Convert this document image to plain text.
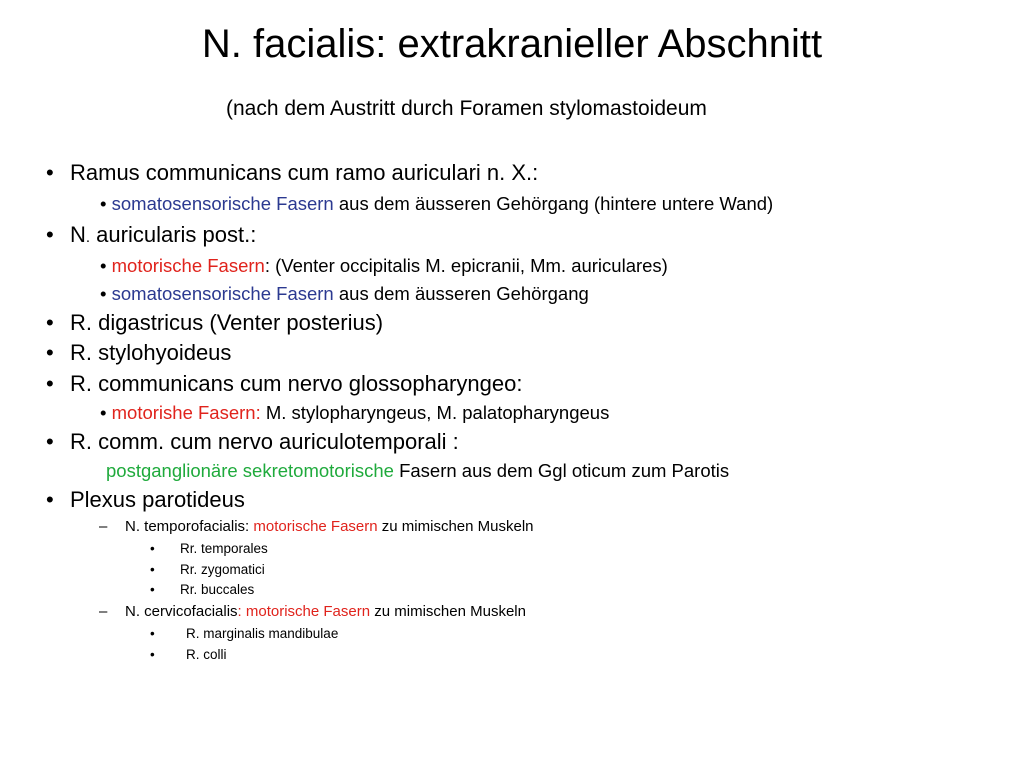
N. facialis: extrakranieller Abschnitt
(nach dem Austritt durch Foramen stylomastoideum
• Ramus communicans cum ramo auriculari n. X.:
• somatosensorische Fasern aus dem äusseren Gehörgang (hintere untere Wand)
• N. auricularis post.:
• motorische Fasern: (Venter occipitalis M. epicranii, Mm. auriculares)
• somatosensorische Fasern aus dem äusseren Gehörgang
• R. digastricus (Venter posterius)
• R. stylohyoideus
• R. communicans cum nervo glossopharyngeo:
• motorishe Fasern: M. stylopharyngeus, M. palatopharyngeus
• R. comm. cum nervo auriculotemporali :
postganglionäre sekretomotorische Fasern aus dem Ggl oticum zum Parotis
• Plexus parotideus
– N. temporofacialis: motorische Fasern zu mimischen Muskeln
• Rr. temporales
• Rr. zygomatici
• Rr. buccales
– N. cervicofacialis: motorische Fasern zu mimischen Muskeln
• R. marginalis mandibulae
• R. colli
